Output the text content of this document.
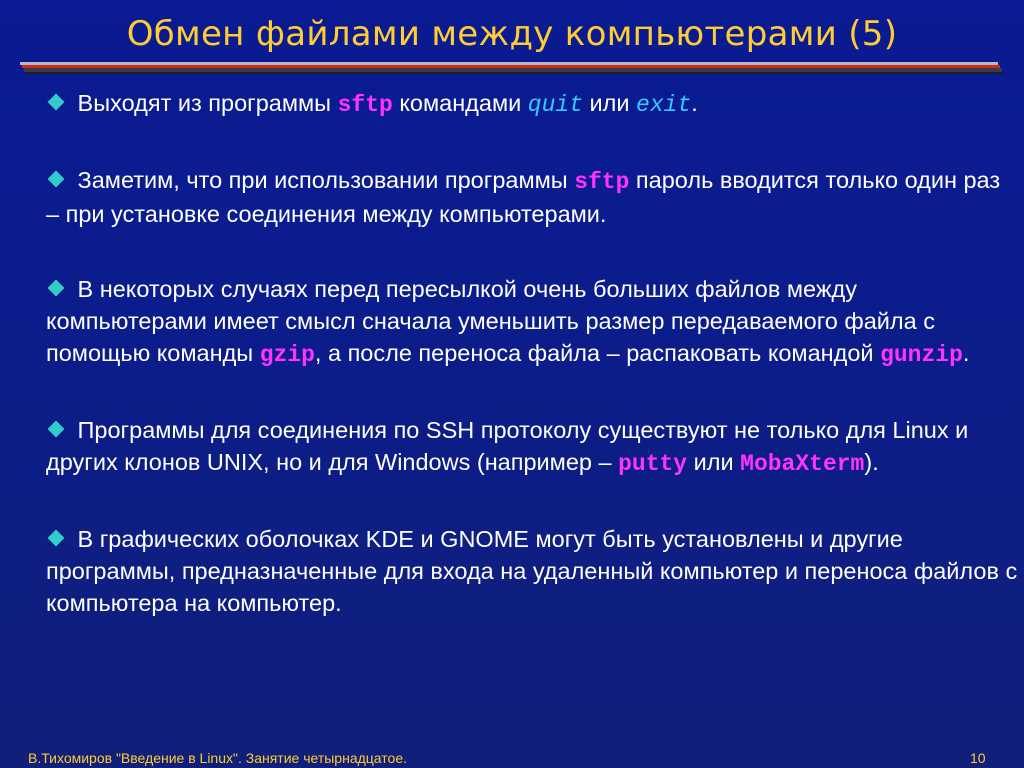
Обмен файлами между компьютерами (5)

Выходят из программы sftp командами quit или exit.

Заметим, что при использовании программы sftp пароль вводится только один раз – при установке соединения между компьютерами.

В некоторых случаях перед пересылкой очень больших файлов между компьютерами имеет смысл сначала уменьшить размер передаваемого файла с помощью команды gzip, а после переноса файла – распаковать командой gunzip.

Программы для соединения по SSH протоколу существуют не только для Linux и других клонов UNIX, но и для Windows (например – putty или MobaXterm).

В графических оболочках KDE и GNOME могут быть установлены и другие программы, предназначенные для входа на удаленный компьютер и переноса файлов с компьютера на компьютер.

В.Тихомиров "Введение в Linux". Занятие четырнадцатое.	10
